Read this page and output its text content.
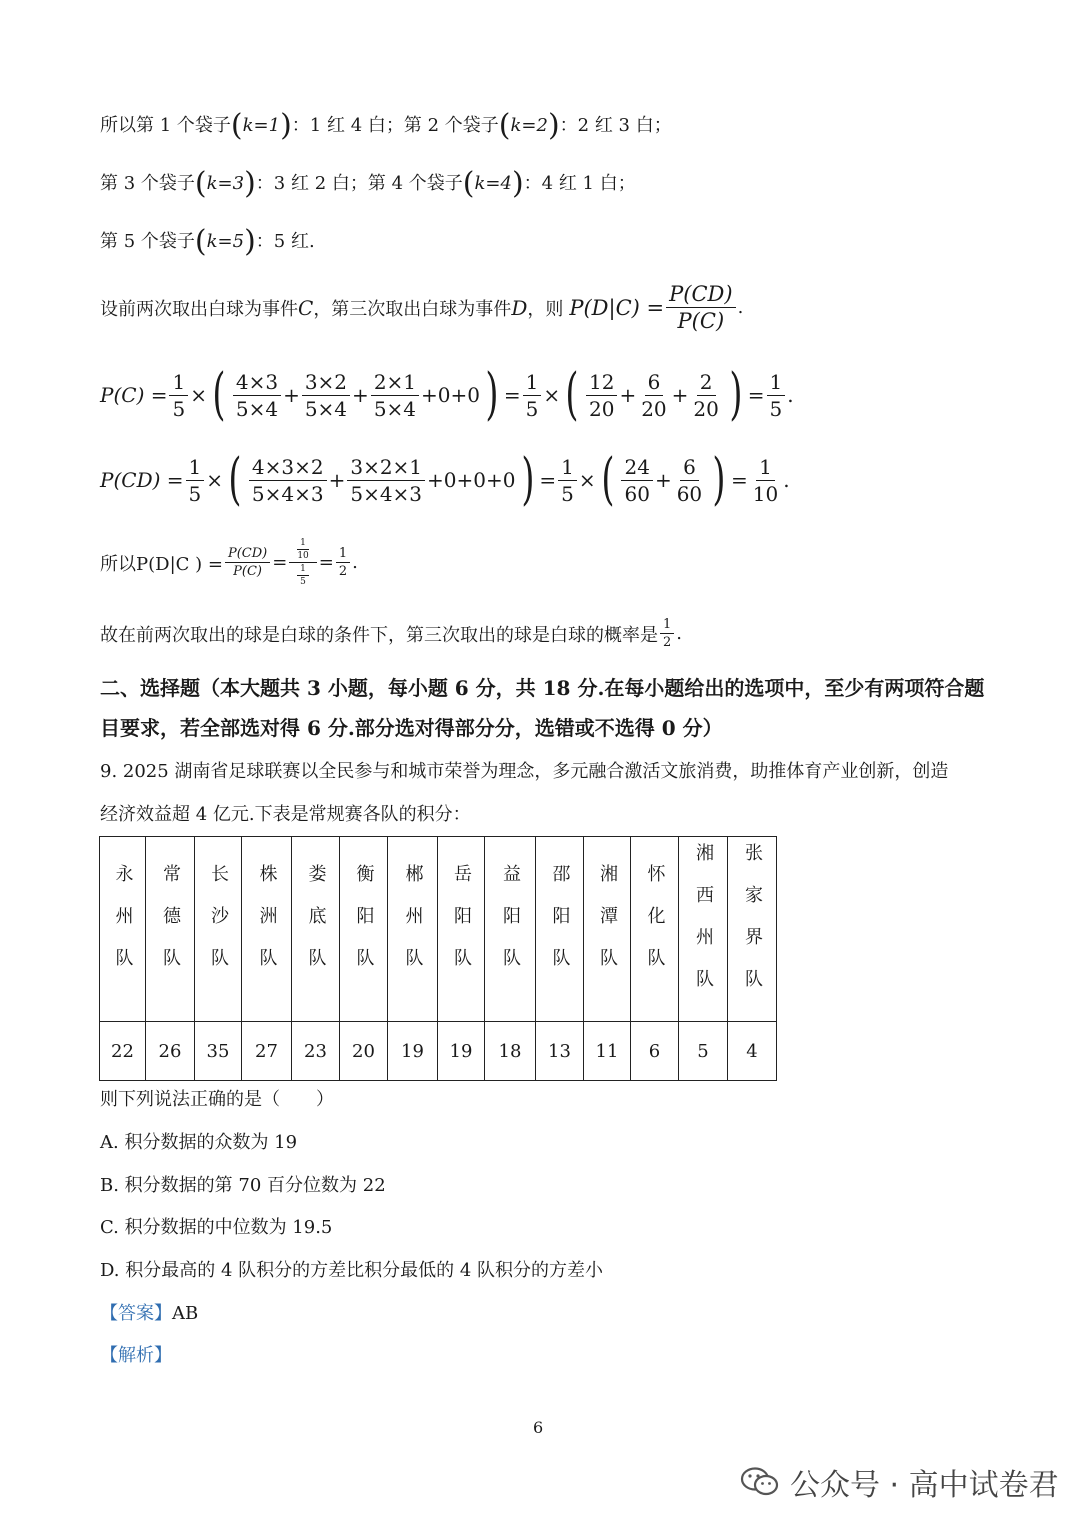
所以第 1 个袋子(k=1)：1 红 4 白；第 2 个袋子(k=2)：2 红 3 白；
第 3 个袋子(k=3)：3 红 2 白；第 4 个袋子(k=4)：4 红 1 白；
第 5 个袋子(k=5)：5 红.
设前两次取出白球为事件 C ，第三次取出白球为事件 D ，则 $P(D|C) = \frac{P(CD)}{P(C)}$ .
$P(C) = \frac{1}{5}$ × ( $\frac{4\times 3}{5\times 4} + \frac{3\times 2}{5\times 4} + \frac{2\times 1}{5\times 4} +0+0$ ) = $\frac{1}{5}$ × ( $\frac{12}{20} + \frac{6}{20} + \frac{2}{20}$ ) = $\frac{1}{5}$ .
$P(CD) = \frac{1}{5}$ × ( $\frac{4\times 3\times 2}{5\times 4\times 3} + \frac{3\times 2\times 1}{5\times 4\times 3} +0+0+0$ ) = $\frac{1}{5}$ × ( $\frac{24}{60} + \frac{6}{60}$ ) = $\frac{1}{10}$ .
所以P(D|C ) = $\frac{P(CD)}{P(C)} = \frac{\frac{1}{10}}{\frac{1}{5}} = \frac{1}{2}$ .
故在前两次取出的球是白球的条件下，第三次取出的球是白球的概率是 $\frac{1}{2}$ .
二、选择题（本大题共 3 小题，每小题 6 分，共 18 分.在每小题给出的选项中，至少有两项符合题目要求，若全部选对得 6 分.部分选对得部分分，选错或不选得 0 分）
9. 2025 湖南省足球联赛以全民参与和城市荣誉为理念，多元融合激活文旅消费，助推体育产业创新，创造
经济效益超 4 亿元.下表是常规赛各队的积分：
永州队	常德队	长沙队	株洲队	娄底队	衡阳队	郴州队	岳阳队	益阳队	邵阳队	湘潭队	怀化队	湘西州队	张家界队
22	26	35	27	23	20	19	19	18	13	11	6	5	4
则下列说法正确的是（　　）
A. 积分数据的众数为 19
B. 积分数据的第 70 百分位数为 22
C. 积分数据的中位数为 19.5
D. 积分最高的 4 队积分的方差比积分最低的 4 队积分的方差小
【答案】AB
【解析】
6
公众号 · 高中试卷君
